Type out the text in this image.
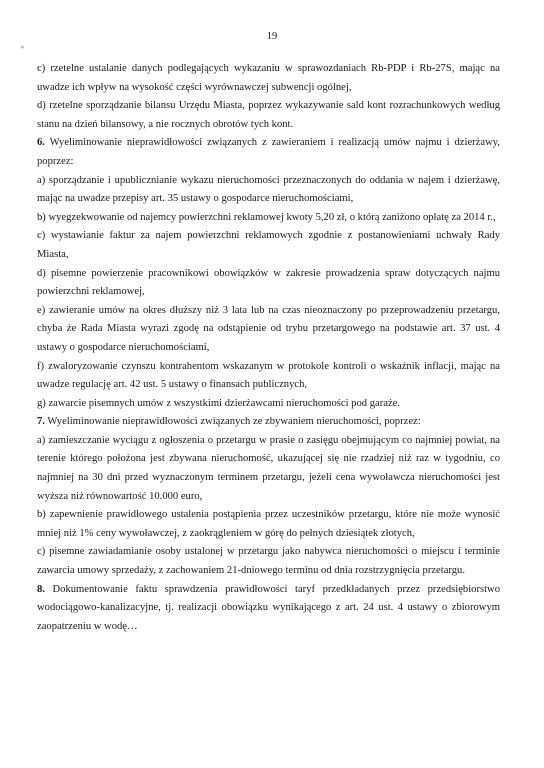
19
*

c) rzetelne ustalanie danych podlegających wykazaniu w sprawozdaniach Rb-PDP i Rb-27S, mając na uwadze ich wpływ na wysokość części wyrównawczej subwencji ogólnej,

d) rzetelne sporządzanie bilansu Urzędu Miasta, poprzez wykazywanie sald kont rozrachunkowych według stanu na dzień bilansowy, a nie rocznych obrotów tych kont.

6. Wyeliminowanie nieprawidłowości związanych z zawieraniem i realizacją umów najmu i dzierżawy, poprzez:

a) sporządzanie i upublicznianie wykazu nieruchomości przeznaczonych do oddania w najem i dzierżawę, mając na uwadze przepisy art. 35 ustawy o gospodarce nieruchomościami,

b) wyegzekwowanie od najemcy powierzchni reklamowej kwoty 5,20 zł, o którą zaniżono opłatę za 2014 r.,

c) wystawianie faktur za najem powierzchni reklamowych zgodnie z postanowieniami uchwały Rady Miasta,

d) pisemne powierzenie pracownikowi obowiązków w zakresie prowadzenia spraw dotyczących najmu powierzchni reklamowej,

e) zawieranie umów na okres dłuższy niż 3 lata lub na czas nieoznaczony po przeprowadzeniu przetargu, chyba że Rada Miasta wyrazi zgodę na odstąpienie od trybu przetargowego na podstawie art. 37 ust. 4 ustawy o gospodarce nieruchomościami,

f) zwaloryzowanie czynszu kontrahentom wskazanym w protokole kontroli o wskaźnik inflacji, mając na uwadze regulację art. 42 ust. 5 ustawy o finansach publicznych,

g) zawarcie pisemnych umów z wszystkimi dzierżawcami nieruchomości pod garaże.

7. Wyeliminowanie nieprawidłowości związanych ze zbywaniem nieruchomości, poprzez:

a) zamieszczanie wyciągu z ogłoszenia o przetargu w prasie o zasięgu obejmującym co najmniej powiat, na terenie którego położona jest zbywana nieruchomość, ukazującej się nie rzadziej niż raz w tygodniu, co najmniej na 30 dni przed wyznaczonym terminem przetargu, jeżeli cena wywoławcza nieruchomości jest wyższa niż równowartość 10.000 euro,

b) zapewnienie prawidłowego ustalenia postąpienia przez uczestników przetargu, które nie może wynosić mniej niż 1% ceny wywoławczej, z zaokrągleniem w górę do pełnych dziesiątek złotych,

c) pisemne zawiadamianie osoby ustalonej w przetargu jako nabywca nieruchomości o miejscu i terminie zawarcia umowy sprzedaży, z zachowaniem 21-dniowego terminu od dnia rozstrzygnięcia przetargu.

8. Dokumentowanie faktu sprawdzenia prawidłowości taryf przedkładanych przez przedsiębiorstwo wodociągowo-kanalizacyjne, tj. realizacji obowiązku wynikającego z art. 24 ust. 4 ustawy o zbiorowym zaopatrzeniu w wodę…
